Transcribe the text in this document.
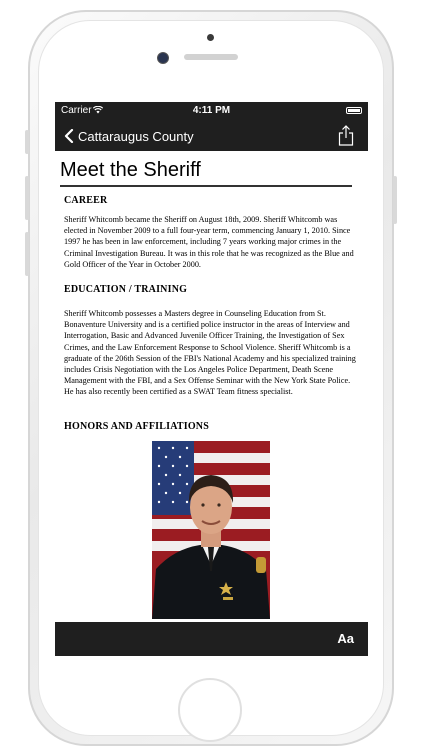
Carrier	4:11 PM
Cattaraugus County
Meet the Sheriff
CAREER
Sheriff Whitcomb became the Sheriff on August 18th, 2009. Sheriff Whitcomb was elected in November 2009 to a full four-year term, commencing January 1, 2010. Since 1997 he has been in law enforcement, including 7 years working major crimes in the Criminal Investigation Bureau. It was in this role that he was recognized as the Blue and Gold Officer of the Year in October 2000.
EDUCATION / TRAINING
Sheriff Whitcomb possesses a Masters degree in Counseling Education from St. Bonaventure University and is a certified police instructor in the areas of Interview and Interrogation, Basic and Advanced Juvenile Officer Training, the Investigation of Sex Crimes, and the Law Enforcement Response to School Violence. Sheriff Whitcomb is a graduate of the 206th Session of the FBI's National Academy and his specialized training includes Crisis Negotiation with the Los Angeles Police Department, Death Scene Management with the FBI, and a Sex Offense Seminar with the New York State Police. He has also recently been certified as a SWAT Team fitness specialist.
HONORS AND AFFILIATIONS
Aa
